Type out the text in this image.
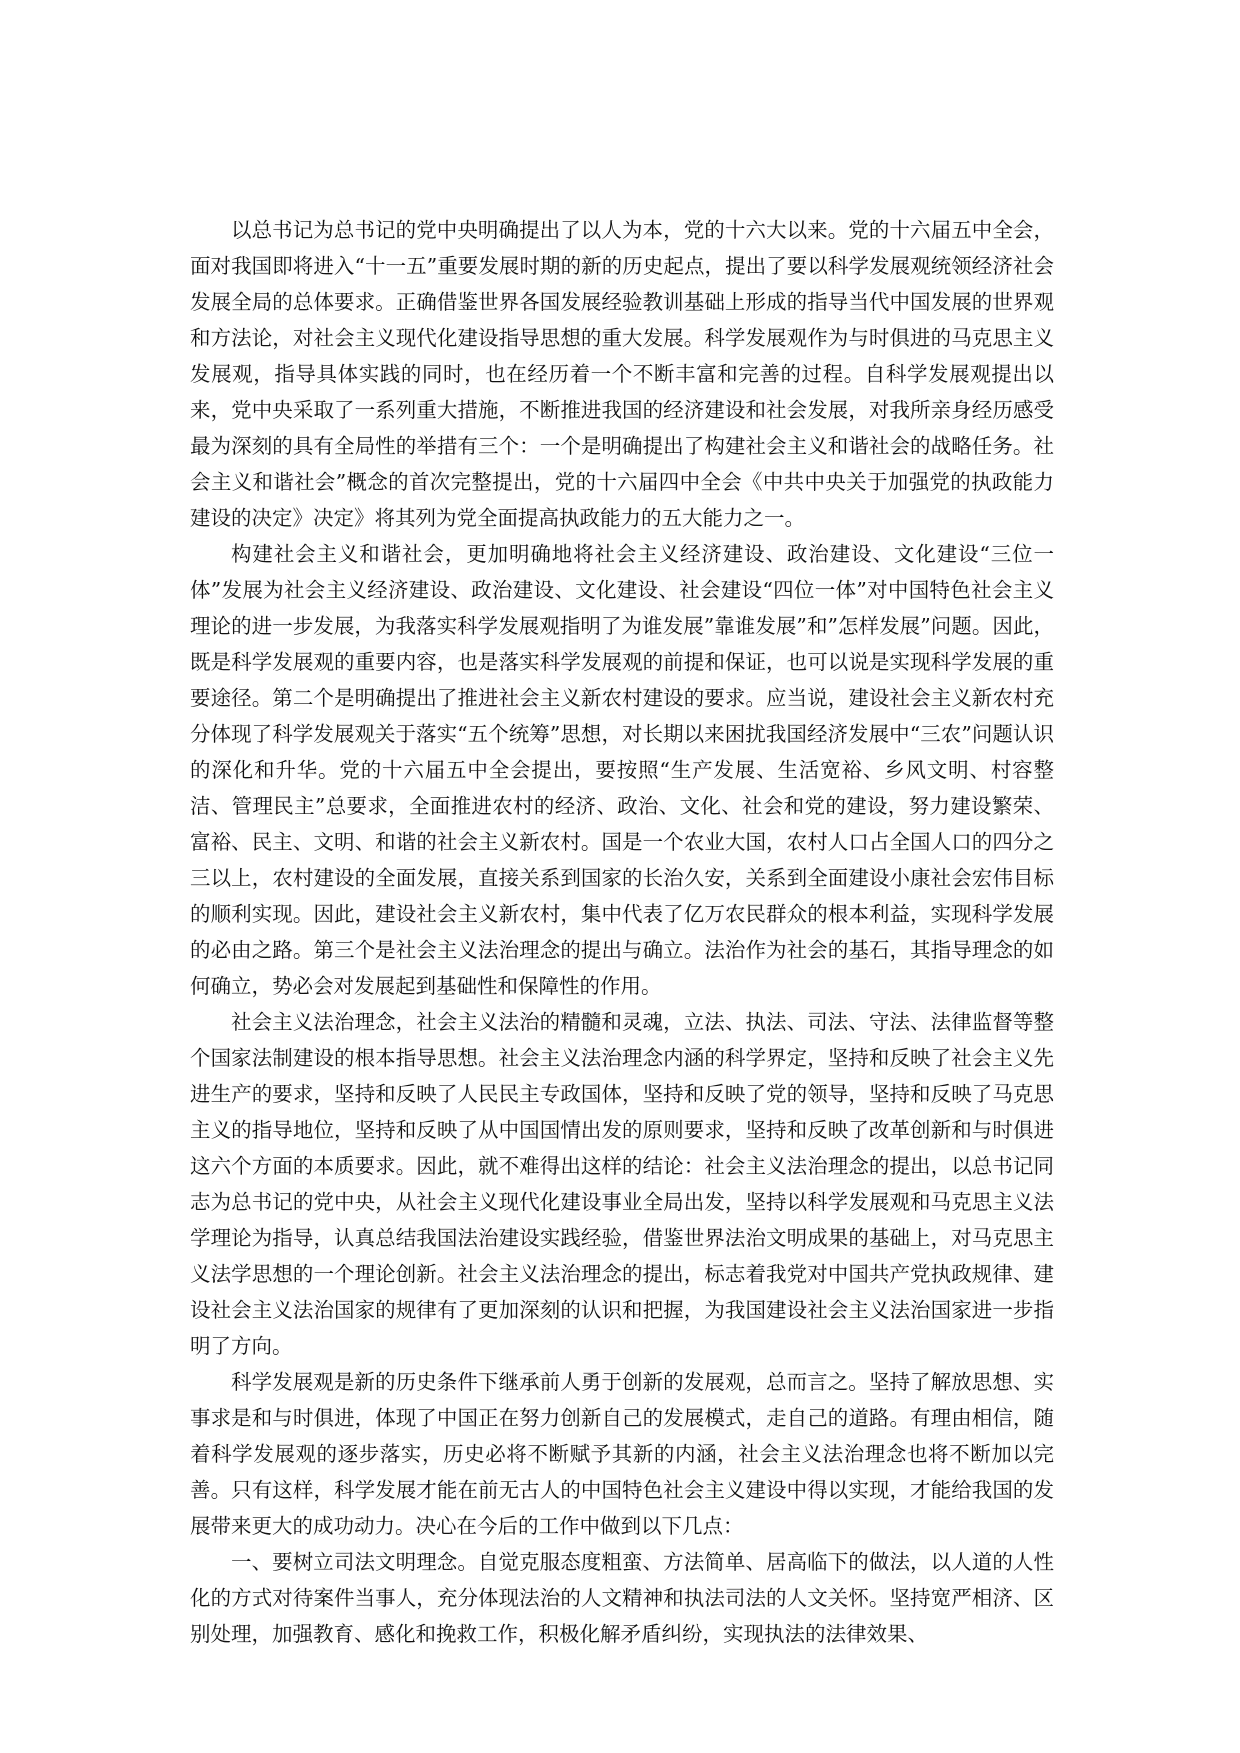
以总书记为总书记的党中央明确提出了以人为本，党的十六大以来。党的十六届五中全会，面对我国即将进入“十一五”重要发展时期的新的历史起点，提出了要以科学发展观统领经济社会发展全局的总体要求。正确借鉴世界各国发展经验教训基础上形成的指导当代中国发展的世界观和方法论，对社会主义现代化建设指导思想的重大发展。科学发展观作为与时俱进的马克思主义发展观，指导具体实践的同时，也在经历着一个不断丰富和完善的过程。自科学发展观提出以来，党中央采取了一系列重大措施，不断推进我国的经济建设和社会发展，对我所亲身经历感受最为深刻的具有全局性的举措有三个：一个是明确提出了构建社会主义和谐社会的战略任务。社会主义和谐社会”概念的首次完整提出，党的十六届四中全会《中共中央关于加强党的执政能力建设的决定》决定》将其列为党全面提高执政能力的五大能力之一。

构建社会主义和谐社会，更加明确地将社会主义经济建设、政治建设、文化建设“三位一体”发展为社会主义经济建设、政治建设、文化建设、社会建设“四位一体”对中国特色社会主义理论的进一步发展，为我落实科学发展观指明了为谁发展”靠谁发展”和”怎样发展”问题。因此，既是科学发展观的重要内容，也是落实科学发展观的前提和保证，也可以说是实现科学发展的重要途径。第二个是明确提出了推进社会主义新农村建设的要求。应当说，建设社会主义新农村充分体现了科学发展观关于落实“五个统筹”思想，对长期以来困扰我国经济发展中“三农”问题认识的深化和升华。党的十六届五中全会提出，要按照“生产发展、生活宽裕、乡风文明、村容整洁、管理民主”总要求，全面推进农村的经济、政治、文化、社会和党的建设，努力建设繁荣、富裕、民主、文明、和谐的社会主义新农村。国是一个农业大国，农村人口占全国人口的四分之三以上，农村建设的全面发展，直接关系到国家的长治久安，关系到全面建设小康社会宏伟目标的顺利实现。因此，建设社会主义新农村，集中代表了亿万农民群众的根本利益，实现科学发展的必由之路。第三个是社会主义法治理念的提出与确立。法治作为社会的基石，其指导理念的如何确立，势必会对发展起到基础性和保障性的作用。

社会主义法治理念，社会主义法治的精髓和灵魂，立法、执法、司法、守法、法律监督等整个国家法制建设的根本指导思想。社会主义法治理念内涵的科学界定，坚持和反映了社会主义先进生产的要求，坚持和反映了人民民主专政国体，坚持和反映了党的领导，坚持和反映了马克思主义的指导地位，坚持和反映了从中国国情出发的原则要求，坚持和反映了改革创新和与时俱进这六个方面的本质要求。因此，就不难得出这样的结论：社会主义法治理念的提出，以总书记同志为总书记的党中央，从社会主义现代化建设事业全局出发，坚持以科学发展观和马克思主义法学理论为指导，认真总结我国法治建设实践经验，借鉴世界法治文明成果的基础上，对马克思主义法学思想的一个理论创新。社会主义法治理念的提出，标志着我党对中国共产党执政规律、建设社会主义法治国家的规律有了更加深刻的认识和把握，为我国建设社会主义法治国家进一步指明了方向。

科学发展观是新的历史条件下继承前人勇于创新的发展观，总而言之。坚持了解放思想、实事求是和与时俱进，体现了中国正在努力创新自己的发展模式，走自己的道路。有理由相信，随着科学发展观的逐步落实，历史必将不断赋予其新的内涵，社会主义法治理念也将不断加以完善。只有这样，科学发展才能在前无古人的中国特色社会主义建设中得以实现，才能给我国的发展带来更大的成功动力。决心在今后的工作中做到以下几点：

一、要树立司法文明理念。自觉克服态度粗蛮、方法简单、居高临下的做法，以人道的人性化的方式对待案件当事人，充分体现法治的人文精神和执法司法的人文关怀。坚持宽严相济、区别处理，加强教育、感化和挽救工作，积极化解矛盾纠纷，实现执法的法律效果、
